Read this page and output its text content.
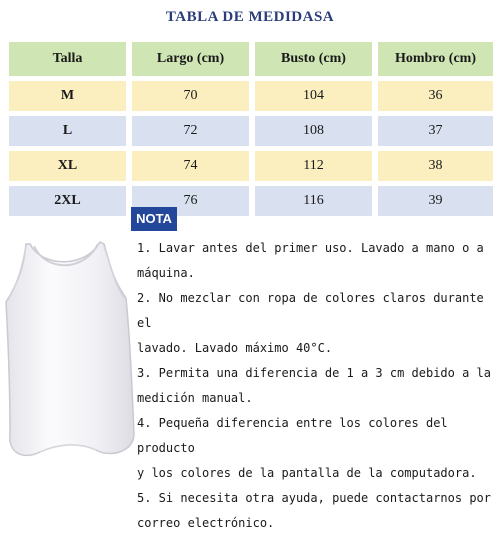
TABLA DE MEDIDASA
Talla	Largo (cm)	Busto (cm)	Hombro (cm)
M	70	104	36
L	72	108	37
XL	74	112	38
2XL	76	116	39
NOTA
1. Lavar antes del primer uso. Lavado a mano o a
máquina.
2. No mezclar con ropa de colores claros durante el
lavado. Lavado máximo 40°C.
3. Permita una diferencia de 1 a 3 cm debido a la
medición manual.
4. Pequeña diferencia entre los colores del producto
y los colores de la pantalla de la computadora.
5. Si necesita otra ayuda, puede contactarnos por
correo electrónico.
